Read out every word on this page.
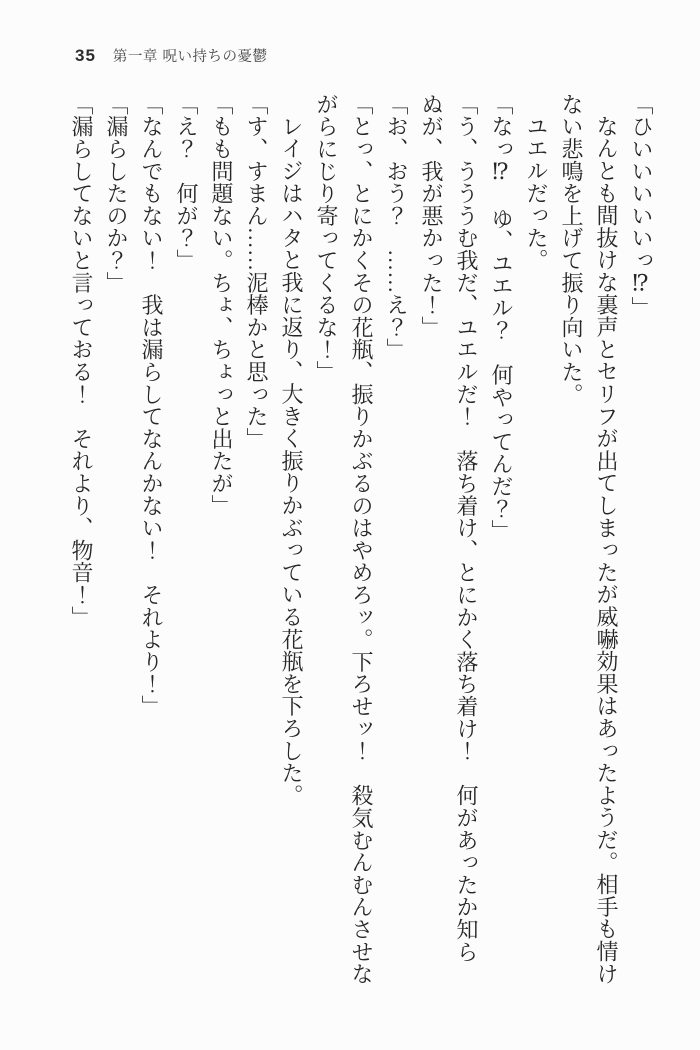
35 第一章 呪い持ちの憂鬱

「ひいいいいいっ⁉」

なんとも間抜けな裏声とセリフが出てしまったが威嚇効果はあったようだ。相手も情け

ない悲鳴を上げて振り向いた。

ユエルだった。

「なっ⁉　ゆ、ユエル？　何やってんだ？」

「う、うううむ我だ、ユエルだ！　落ち着け、とにかく落ち着け！　何があったか知ら

ぬが、我が悪かった！」

「お、おう？　……え？」

「とっ、とにかくその花瓶、振りかぶるのはやめろッ。下ろせッ！　殺気むんむんさせな

がらにじり寄ってくるな！」

レイジはハタと我に返り、大きく振りかぶっている花瓶を下ろした。

「す、すまん……泥棒かと思った」

「もも問題ない。ちょ、ちょっと出たが」

「え？　何が？」

「なんでもない！　我は漏らしてなんかない！　それより！」

「漏らしたのか？」

「漏らしてないと言っておる！　それより、物音！」
